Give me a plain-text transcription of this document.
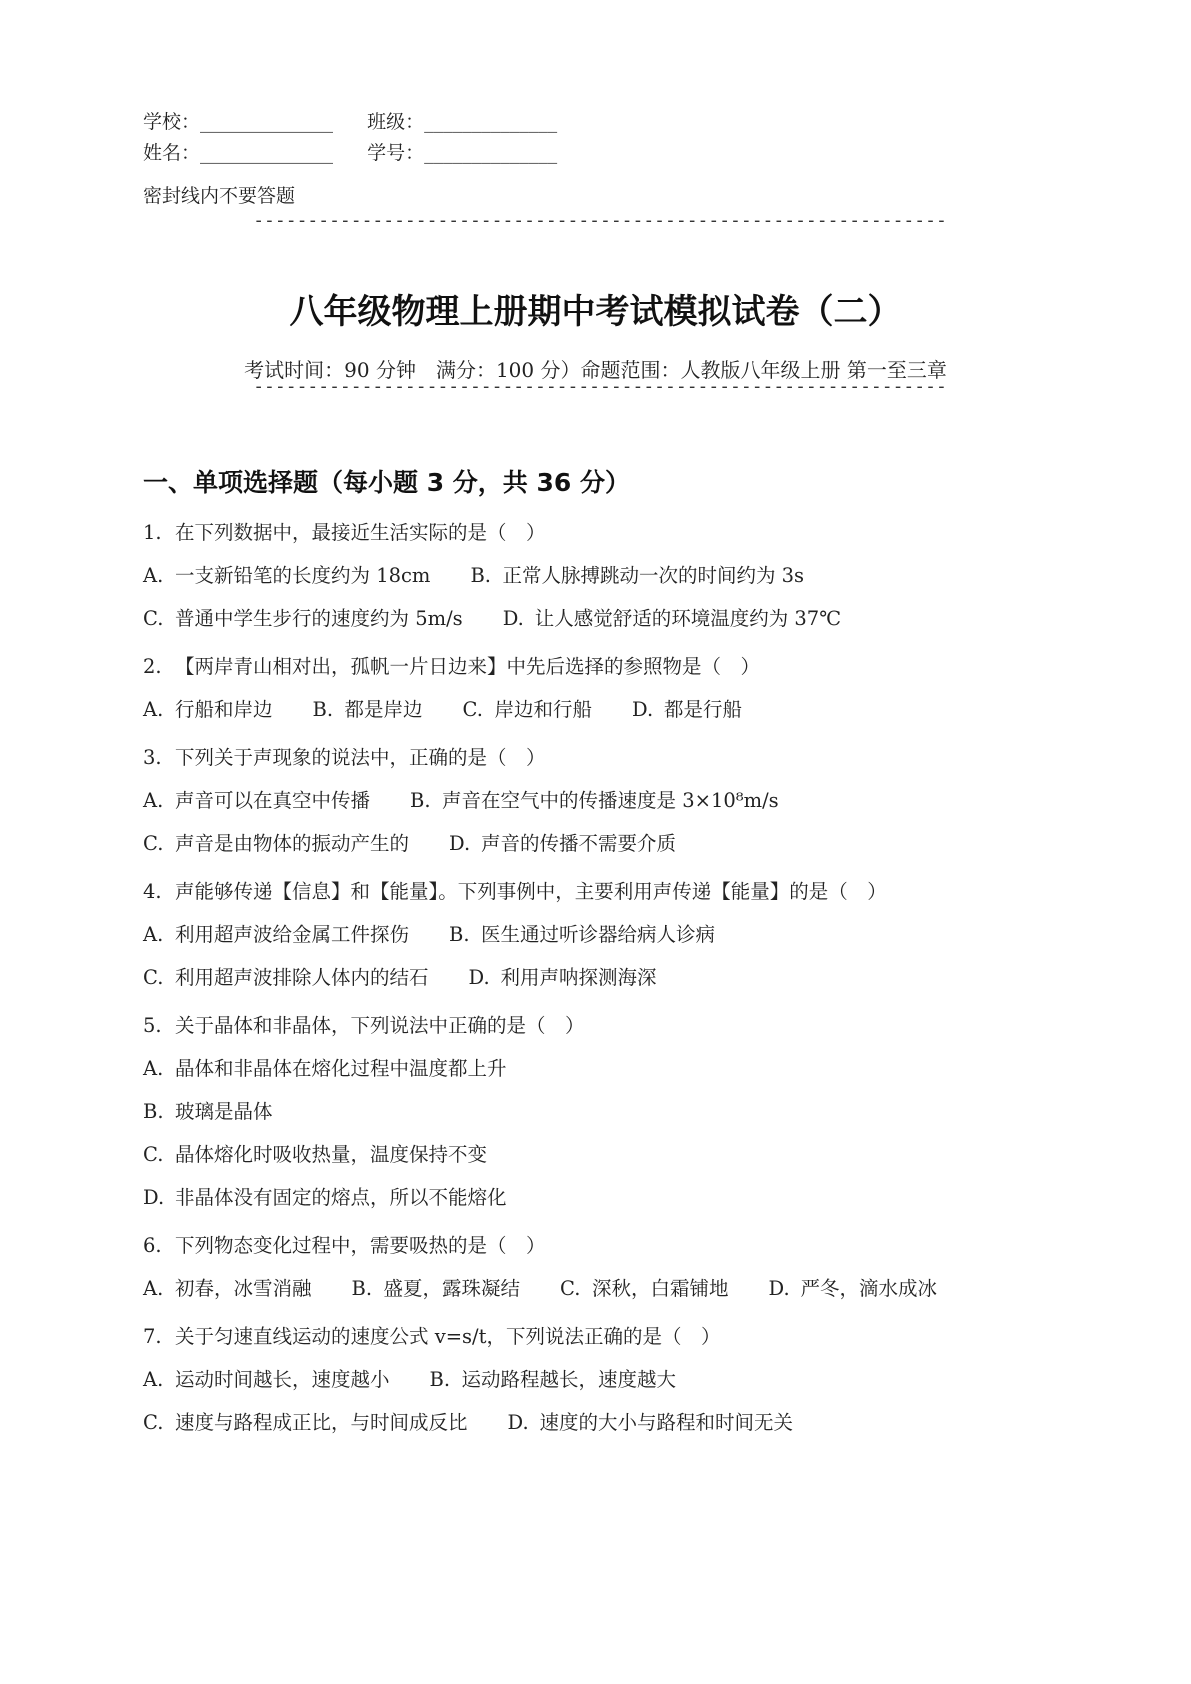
学校：______________ 班级：______________
姓名：______________ 学号：______________
密封线内不要答题
----------------------------------------------------------------
八年级物理上册期中考试模拟试卷（二）
考试时间：90 分钟　满分：100 分）命题范围：人教版八年级上册 第一至三章
----------------------------------------------------------------
一、单项选择题（每小题 3 分，共 36 分）
1. 在下列数据中，最接近生活实际的是（　）
A. 一支新铅笔的长度约为 18cm B. 正常人脉搏跳动一次的时间约为 3s
C. 普通中学生步行的速度约为 5m/s D. 让人感觉舒适的环境温度约为 37℃
2. 【两岸青山相对出，孤帆一片日边来】中先后选择的参照物是（　）
A. 行船和岸边 B. 都是岸边 C. 岸边和行船 D. 都是行船
3. 下列关于声现象的说法中，正确的是（　）
A. 声音可以在真空中传播 B. 声音在空气中的传播速度是 3×10⁸m/s
C. 声音是由物体的振动产生的 D. 声音的传播不需要介质
4. 声能够传递【信息】和【能量】。下列事例中，主要利用声传递【能量】的是（　）
A. 利用超声波给金属工件探伤 B. 医生通过听诊器给病人诊病
C. 利用超声波排除人体内的结石 D. 利用声呐探测海深
5. 关于晶体和非晶体，下列说法中正确的是（　）
A. 晶体和非晶体在熔化过程中温度都上升
B. 玻璃是晶体
C. 晶体熔化时吸收热量，温度保持不变
D. 非晶体没有固定的熔点，所以不能熔化
6. 下列物态变化过程中，需要吸热的是（　）
A. 初春，冰雪消融 B. 盛夏，露珠凝结 C. 深秋，白霜铺地 D. 严冬，滴水成冰
7. 关于匀速直线运动的速度公式 v=s/t，下列说法正确的是（　）
A. 运动时间越长，速度越小 B. 运动路程越长，速度越大
C. 速度与路程成正比，与时间成反比 D. 速度的大小与路程和时间无关
